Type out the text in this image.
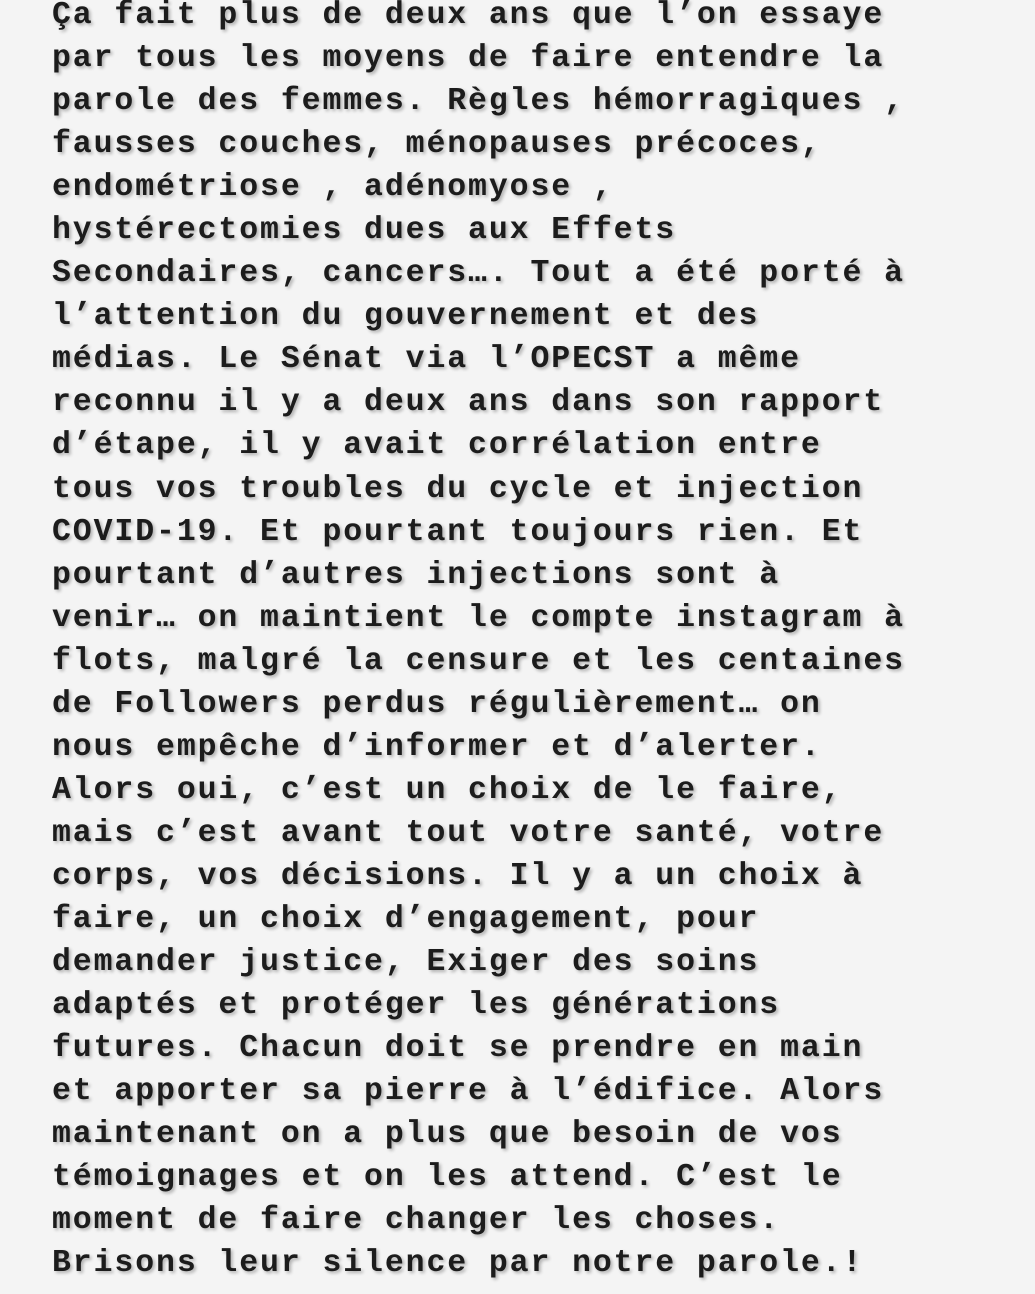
Ça fait plus de deux ans que l’on essaye
par tous les moyens de faire entendre la
parole des femmes. Règles hémorragiques ,
fausses couches, ménopauses précoces,
endométriose , adénomyose ,
hystérectomies dues aux Effets
Secondaires, cancers…. Tout a été porté à
l’attention du gouvernement et des
médias. Le Sénat via l’OPECST a même
reconnu il y a deux ans dans son rapport
d’étape, il y avait corrélation entre
tous vos troubles du cycle et injection
COVID-19. Et pourtant toujours rien. Et
pourtant d’autres injections sont à
venir… on maintient le compte instagram à
flots, malgré la censure et les centaines
de Followers perdus régulièrement… on
nous empêche d’informer et d’alerter.
Alors oui, c’est un choix de le faire,
mais c’est avant tout votre santé, votre
corps, vos décisions. Il y a un choix à
faire, un choix d’engagement, pour
demander justice, Exiger des soins
adaptés et protéger les générations
futures. Chacun doit se prendre en main
et apporter sa pierre à l’édifice. Alors
maintenant on a plus que besoin de vos
témoignages et on les attend. C’est le
moment de faire changer les choses.
Brisons leur silence par notre parole.!
